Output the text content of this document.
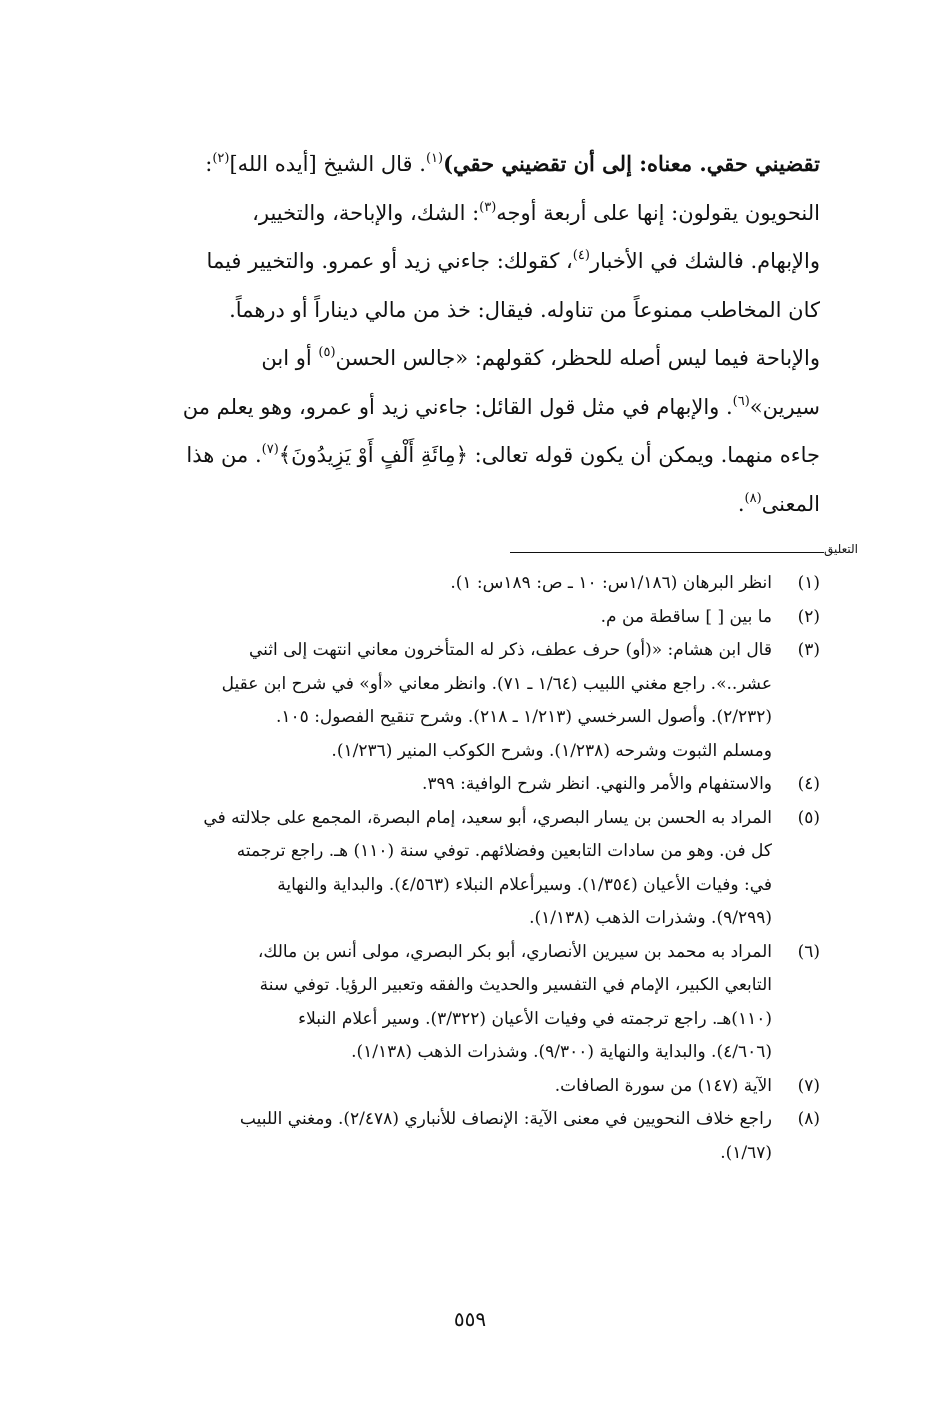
تقضيني حقي. معناه: إلى أن تقضيني حقي)$^{(١)}$. قال الشيخ [أيده الله]$^{(٢)}$:
النحويون يقولون: إنها على أربعة أوجه$^{(٣)}$: الشك، والإباحة، والتخيير،
والإبهام. فالشك في الأخبار$^{(٤)}$، كقولك: جاءني زيد أو عمرو. والتخيير فيما
كان المخاطب ممنوعاً من تناوله. فيقال: خذ من مالي ديناراً أو درهماً.
والإباحة فيما ليس أصله للحظر، كقولهم: «جالس الحسن$^{(٥)}$ أو ابن
سيرين»$^{(٦)}$. والإبهام في مثل قول القائل: جاءني زيد أو عمرو، وهو يعلم من
جاءه منهما. ويمكن أن يكون قوله تعالى: ﴿مِائَةِ أَلْفٍ أَوْ يَزِيدُونَ﴾$^{(٧)}$. من هذا
المعنى$^{(٨)}$.
التعليق
(١)
انظر البرهان (١/١٨٦س: ١٠ ـ ص: ١٨٩س: ١).
(٢)
ما بين [ ] ساقطة من م.
(٣)
قال ابن هشام: «(أو) حرف عطف، ذكر له المتأخرون معاني انتهت إلى اثني
عشر..». راجع مغني اللبيب (١/٦٤ ـ ٧١). وانظر معاني «أو» في شرح ابن عقيل
(٢/٢٣٢). وأصول السرخسي (١/٢١٣ ـ ٢١٨). وشرح تنقيح الفصول: ١٠٥.
ومسلم الثبوت وشرحه (١/٢٣٨). وشرح الكوكب المنير (١/٢٣٦).
(٤)
والاستفهام والأمر والنهي. انظر شرح الوافية: ٣٩٩.
(٥)
المراد به الحسن بن يسار البصري، أبو سعيد، إمام البصرة، المجمع على جلالته في
كل فن. وهو من سادات التابعين وفضلائهم. توفي سنة (١١٠) هـ. راجع ترجمته
في: وفيات الأعيان (١/٣٥٤). وسيرأعلام النبلاء (٤/٥٦٣). والبداية والنهاية
(٩/٢٩٩). وشذرات الذهب (١/١٣٨).
(٦)
المراد به محمد بن سيرين الأنصاري، أبو بكر البصري، مولى أنس بن مالك،
التابعي الكبير، الإمام في التفسير والحديث والفقه وتعبير الرؤيا. توفي سنة
(١١٠)هـ. راجع ترجمته في وفيات الأعيان (٣/٣٢٢). وسير أعلام النبلاء
(٤/٦٠٦). والبداية والنهاية (٩/٣٠٠). وشذرات الذهب (١/١٣٨).
(٧)
الآية (١٤٧) من سورة الصافات.
(٨)
راجع خلاف النحويين في معنى الآية: الإنصاف للأنباري (٢/٤٧٨). ومغني اللبيب
(١/٦٧).
٥٥٩
